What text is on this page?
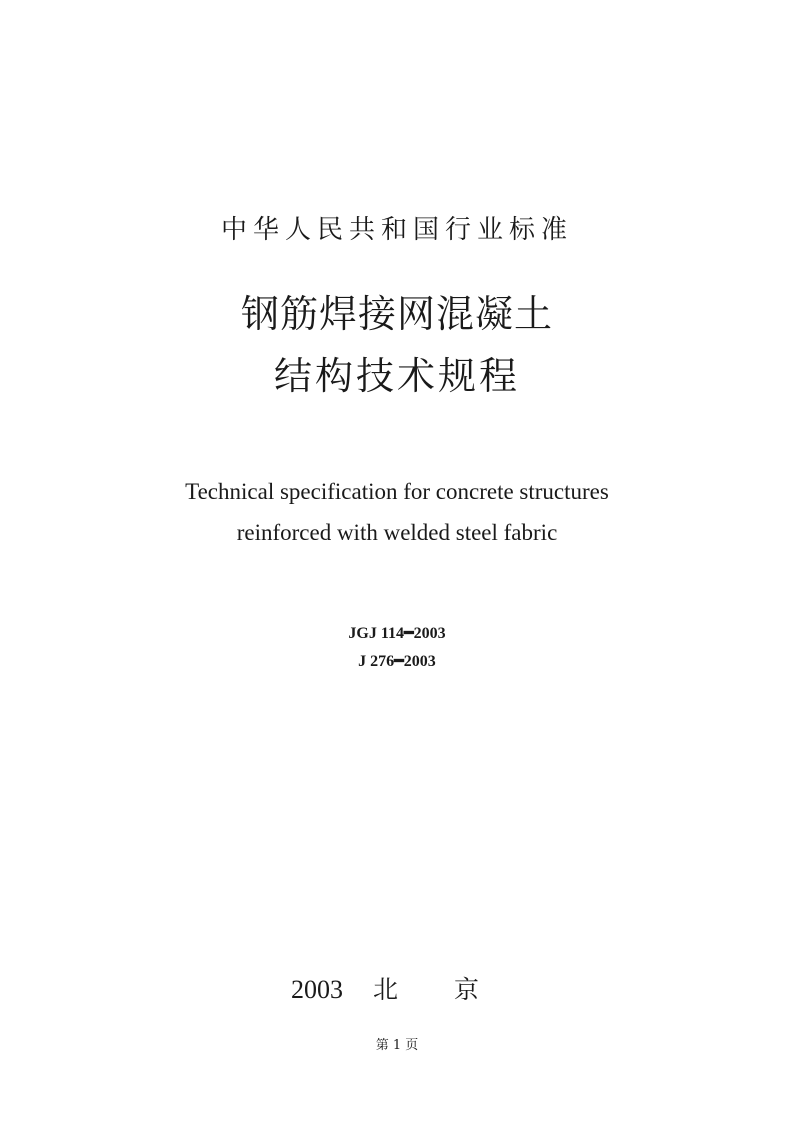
中华人民共和国行业标准
钢筋焊接网混凝土
结构技术规程
Technical specification for concrete structures
reinforced with welded steel fabric
JGJ 114━2003
J 276━2003
2003 北 京
第 1 页
